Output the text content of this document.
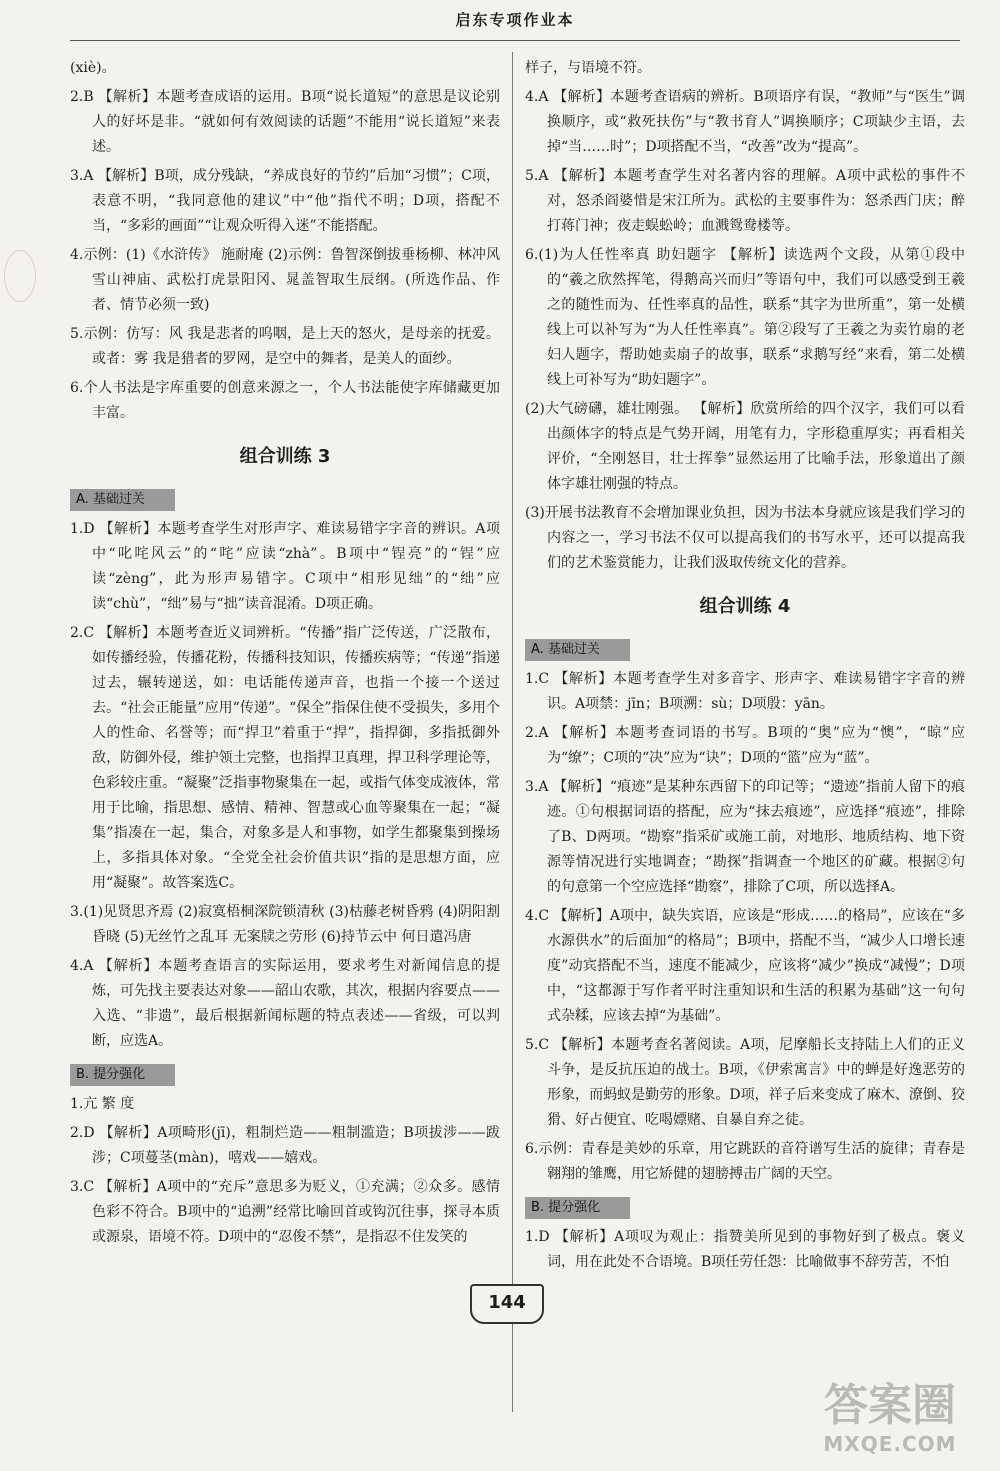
启东专项作业本

(xiè)。

2.B 【解析】本题考查成语的运用。B项“说长道短”的意思是议论别人的好坏是非。“就如何有效阅读的话题”不能用“说长道短”来表述。

3.A 【解析】B项，成分残缺，“养成良好的节约”后加“习惯”；C项，表意不明，“我同意他的建议”中“他”指代不明；D项，搭配不当，“多彩的画面”“让观众听得入迷”不能搭配。

4.示例：(1)《水浒传》 施耐庵 (2)示例：鲁智深倒拔垂杨柳、林冲风雪山神庙、武松打虎景阳冈、晁盖智取生辰纲。(所选作品、作者、情节必须一致)

5.示例：仿写：风 我是悲者的呜咽，是上天的怒火，是母亲的抚爱。或者：雾 我是猎者的罗网，是空中的舞者，是美人的面纱。

6.个人书法是字库重要的创意来源之一，个人书法能使字库储藏更加丰富。

组合训练 3
A. 基础过关

1.D 【解析】本题考查学生对形声字、难读易错字字音的辨识。A项中“叱咤风云”的“咤”应读“zhà”。B项中“锃亮”的“锃”应读“zèng”，此为形声易错字。C项中“相形见绌”的“绌”应读“chù”，“绌”易与“拙”读音混淆。D项正确。

2.C 【解析】本题考查近义词辨析。“传播”指广泛传送，广泛散布，如传播经验，传播花粉，传播科技知识，传播疾病等；“传递”指递过去，辗转递送，如：电话能传递声音，也指一个接一个送过去。“社会正能量”应用“传递”。“保全”指保住使不受损失，多用个人的性命、名誉等；而“捍卫”着重于“捍”，指捍御，多指抵御外敌，防御外侵，维护领土完整，也指捍卫真理，捍卫科学理论等，色彩较庄重。“凝聚”泛指事物聚集在一起，或指气体变成液体，常用于比喻，指思想、感情、精神、智慧或心血等聚集在一起；“凝集”指凑在一起，集合，对象多是人和事物，如学生都聚集到操场上，多指具体对象。“全党全社会价值共识”指的是思想方面，应用“凝聚”。故答案选C。

3.(1)见贤思齐焉 (2)寂寞梧桐深院锁清秋 (3)枯藤老树昏鸦 (4)阴阳割昏晓 (5)无丝竹之乱耳 无案牍之劳形 (6)持节云中 何日遣冯唐

4.A 【解析】本题考查语言的实际运用，要求考生对新闻信息的提炼，可先找主要表达对象——韶山农歌，其次，根据内容要点——入选、“非遗”，最后根据新闻标题的特点表述——省级，可以判断，应选A。

B. 提分强化

1.亢 繁 度

2.D 【解析】A项畸形(jī)，粗制烂造——粗制滥造；B项拔涉——跋涉；C项蔓茎(màn)，嘻戏——嬉戏。

3.C 【解析】A项中的“充斥”意思多为贬义，①充满；②众多。感情色彩不符合。B项中的“追溯”经常比喻回首或钩沉往事，探寻本质或源泉，语境不符。D项中的“忍俊不禁”，是指忍不住发笑的

样子，与语境不符。

4.A 【解析】本题考查语病的辨析。B项语序有误，“教师”与“医生”调换顺序，或“救死扶伤”与“教书育人”调换顺序；C项缺少主语，去掉“当……时”；D项搭配不当，“改善”改为“提高”。

5.A 【解析】本题考查学生对名著内容的理解。A项中武松的事件不对，怒杀阎婆惜是宋江所为。武松的主要事件为：怒杀西门庆；醉打蒋门神；夜走蜈蚣岭；血溅鸳鸯楼等。

6.(1)为人任性率真 助妇题字 【解析】读选两个文段，从第①段中的“羲之欣然挥笔，得鹅高兴而归”等语句中，我们可以感受到王羲之的随性而为、任性率真的品性，联系“其字为世所重”，第一处横线上可以补写为“为人任性率真”。第②段写了王羲之为卖竹扇的老妇人题字，帮助她卖扇子的故事，联系“求鹅写经”来看，第二处横线上可补写为“助妇题字”。

(2)大气磅礴，雄壮刚强。 【解析】欣赏所给的四个汉字，我们可以看出颜体字的特点是气势开阔，用笔有力，字形稳重厚实；再看相关评价，“全刚怒目，壮士挥拳”显然运用了比喻手法，形象道出了颜体字雄壮刚强的特点。

(3)开展书法教育不会增加课业负担，因为书法本身就应该是我们学习的内容之一，学习书法不仅可以提高我们的书写水平，还可以提高我们的艺术鉴赏能力，让我们汲取传统文化的营养。

组合训练 4
A. 基础过关

1.C 【解析】本题考查学生对多音字、形声字、难读易错字字音的辨识。A项禁：jīn；B项溯：sù；D项殷：yān。

2.A 【解析】本题考查词语的书写。B项的“奥”应为“懊”，“晾”应为“缭”；C项的“决”应为“诀”；D项的“篮”应为“蓝”。

3.A 【解析】“痕迹”是某种东西留下的印记等；“遗迹”指前人留下的痕迹。①句根据词语的搭配，应为“抹去痕迹”，应选择“痕迹”，排除了B、D两项。“勘察”指采矿或施工前，对地形、地质结构、地下资源等情况进行实地调查；“勘探”指调查一个地区的矿藏。根据②句的句意第一个空应选择“勘察”，排除了C项，所以选择A。

4.C 【解析】A项中，缺失宾语，应该是“形成……的格局”，应该在“多水源供水”的后面加“的格局”；B项中，搭配不当，“减少人口增长速度”动宾搭配不当，速度不能减少，应该将“减少”换成“减慢”；D项中，“这都源于写作者平时注重知识和生活的积累为基础”这一句句式杂糅，应该去掉“为基础”。

5.C 【解析】本题考查名著阅读。A项，尼摩船长支持陆上人们的正义斗争，是反抗压迫的战士。B项，《伊索寓言》中的蝉是好逸恶劳的形象，而蚂蚁是勤劳的形象。D项，祥子后来变成了麻木、潦倒、狡猾、好占便宜、吃喝嫖赌、自暴自弃之徒。

6.示例：青春是美妙的乐章，用它跳跃的音符谱写生活的旋律；青春是翱翔的雏鹰，用它矫健的翅膀搏击广阔的天空。

B. 提分强化

1.D 【解析】A项叹为观止：指赞美所见到的事物好到了极点。褒义词，用在此处不合语境。B项任劳任怨：比喻做事不辞劳苦，不怕

144
答案圈
MXQE.COM
